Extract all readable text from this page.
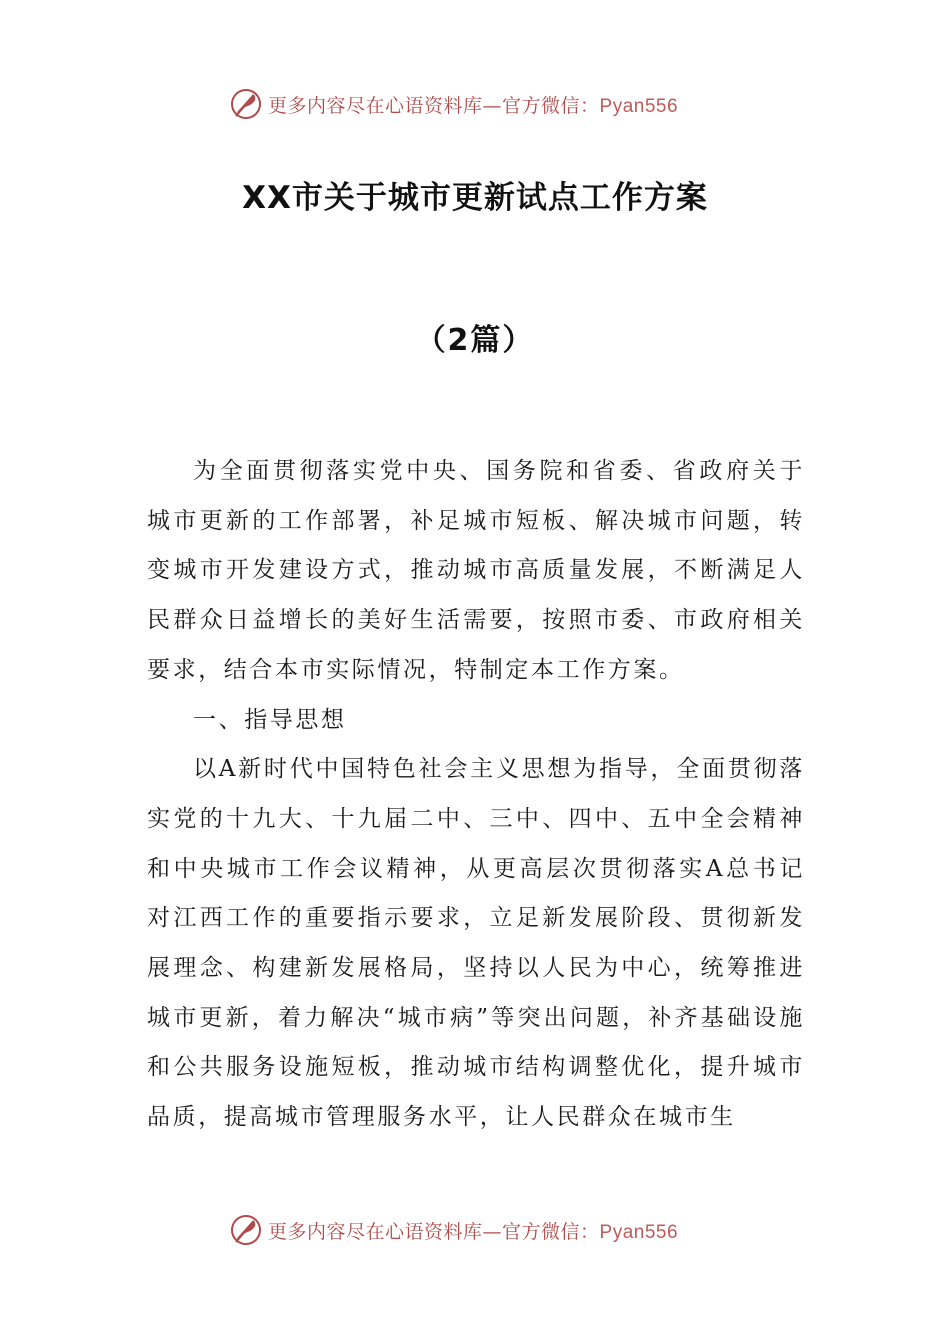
更多内容尽在心语资料库—官方微信：Pyan556
XX市关于城市更新试点工作方案
（2篇）

为全面贯彻落实党中央、国务院和省委、省政府关于城市更新的工作部署，补足城市短板、解决城市问题，转变城市开发建设方式，推动城市高质量发展，不断满足人民群众日益增长的美好生活需要，按照市委、市政府相关要求，结合本市实际情况，特制定本工作方案。

一、指导思想

以A新时代中国特色社会主义思想为指导，全面贯彻落实党的十九大、十九届二中、三中、四中、五中全会精神和中央城市工作会议精神，从更高层次贯彻落实A总书记对江西工作的重要指示要求，立足新发展阶段、贯彻新发展理念、构建新发展格局，坚持以人民为中心，统筹推进城市更新，着力解决“城市病”等突出问题，补齐基础设施和公共服务设施短板，推动城市结构调整优化，提升城市品质，提高城市管理服务水平，让人民群众在城市生

更多内容尽在心语资料库—官方微信：Pyan556
